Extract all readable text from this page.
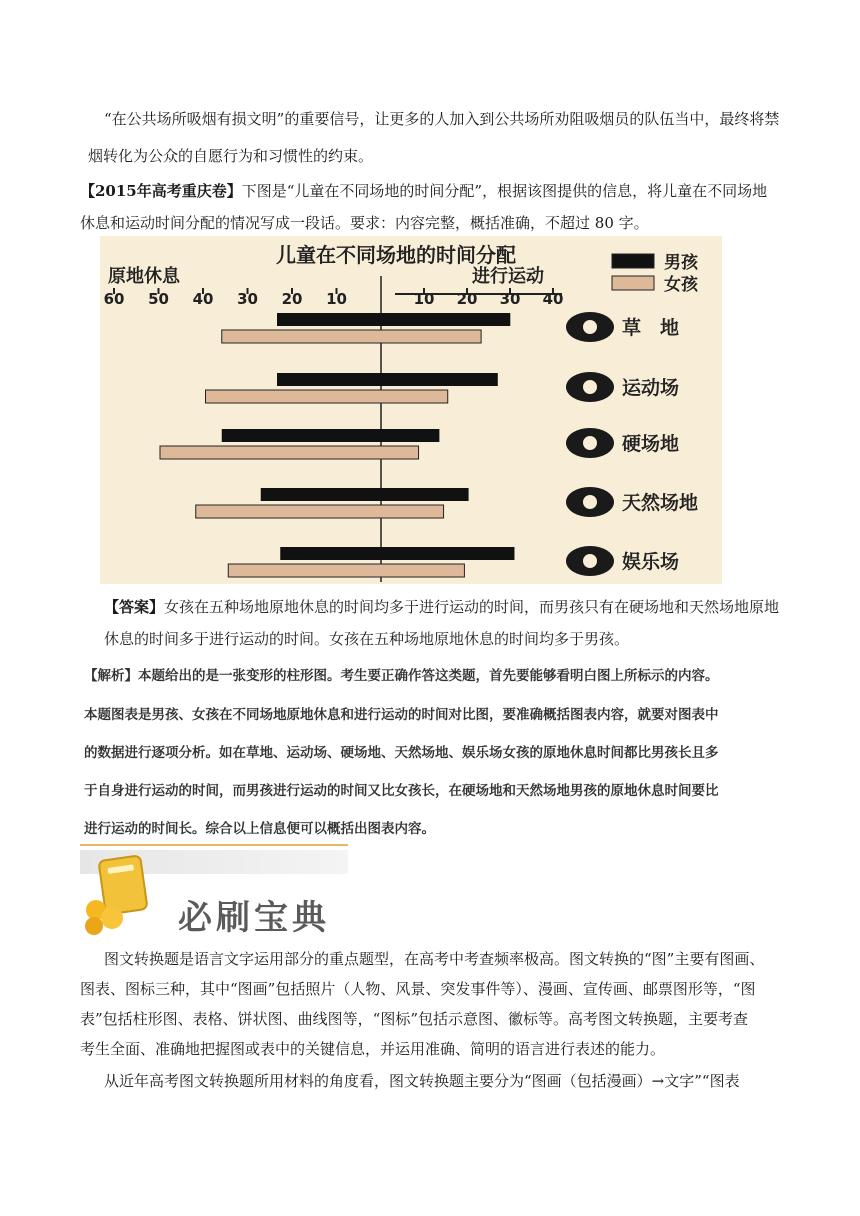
“在公共场所吸烟有损文明”的重要信号，让更多的人加入到公共场所劝阻吸烟员的队伍当中，最终将禁
烟转化为公众的自愿行为和习惯性的约束。
【2015年高考重庆卷】下图是“儿童在不同场地的时间分配”，根据该图提供的信息，将儿童在不同场地
休息和运动时间分配的情况写成一段话。要求：内容完整，概括准确，不超过 80 字。
儿童在不同场地的时间分配
原地休息	进行运动
60 50 40 30 20 10	10 20 30 40
男孩
女孩
草　地
运动场
硬场地
天然场地
娱乐场
【答案】女孩在五种场地原地休息的时间均多于进行运动的时间，而男孩只有在硬场地和天然场地原地
休息的时间多于进行运动的时间。女孩在五种场地原地休息的时间均多于男孩。
【解析】本题给出的是一张变形的柱形图。考生要正确作答这类题，首先要能够看明白图上所标示的内容。
本题图表是男孩、女孩在不同场地原地休息和进行运动的时间对比图，要准确概括图表内容，就要对图表中
的数据进行逐项分析。如在草地、运动场、硬场地、天然场地、娱乐场女孩的原地休息时间都比男孩长且多
于自身进行运动的时间，而男孩进行运动的时间又比女孩长，在硬场地和天然场地男孩的原地休息时间要比
进行运动的时间长。综合以上信息便可以概括出图表内容。
必刷宝典
图文转换题是语言文字运用部分的重点题型，在高考中考查频率极高。图文转换的“图”主要有图画、
图表、图标三种，其中“图画”包括照片（人物、风景、突发事件等）、漫画、宣传画、邮票图形等，“图
表”包括柱形图、表格、饼状图、曲线图等，“图标”包括示意图、徽标等。高考图文转换题，主要考查
考生全面、准确地把握图或表中的关键信息，并运用准确、简明的语言进行表述的能力。
从近年高考图文转换题所用材料的角度看，图文转换题主要分为“图画（包括漫画）→文字”“图表
